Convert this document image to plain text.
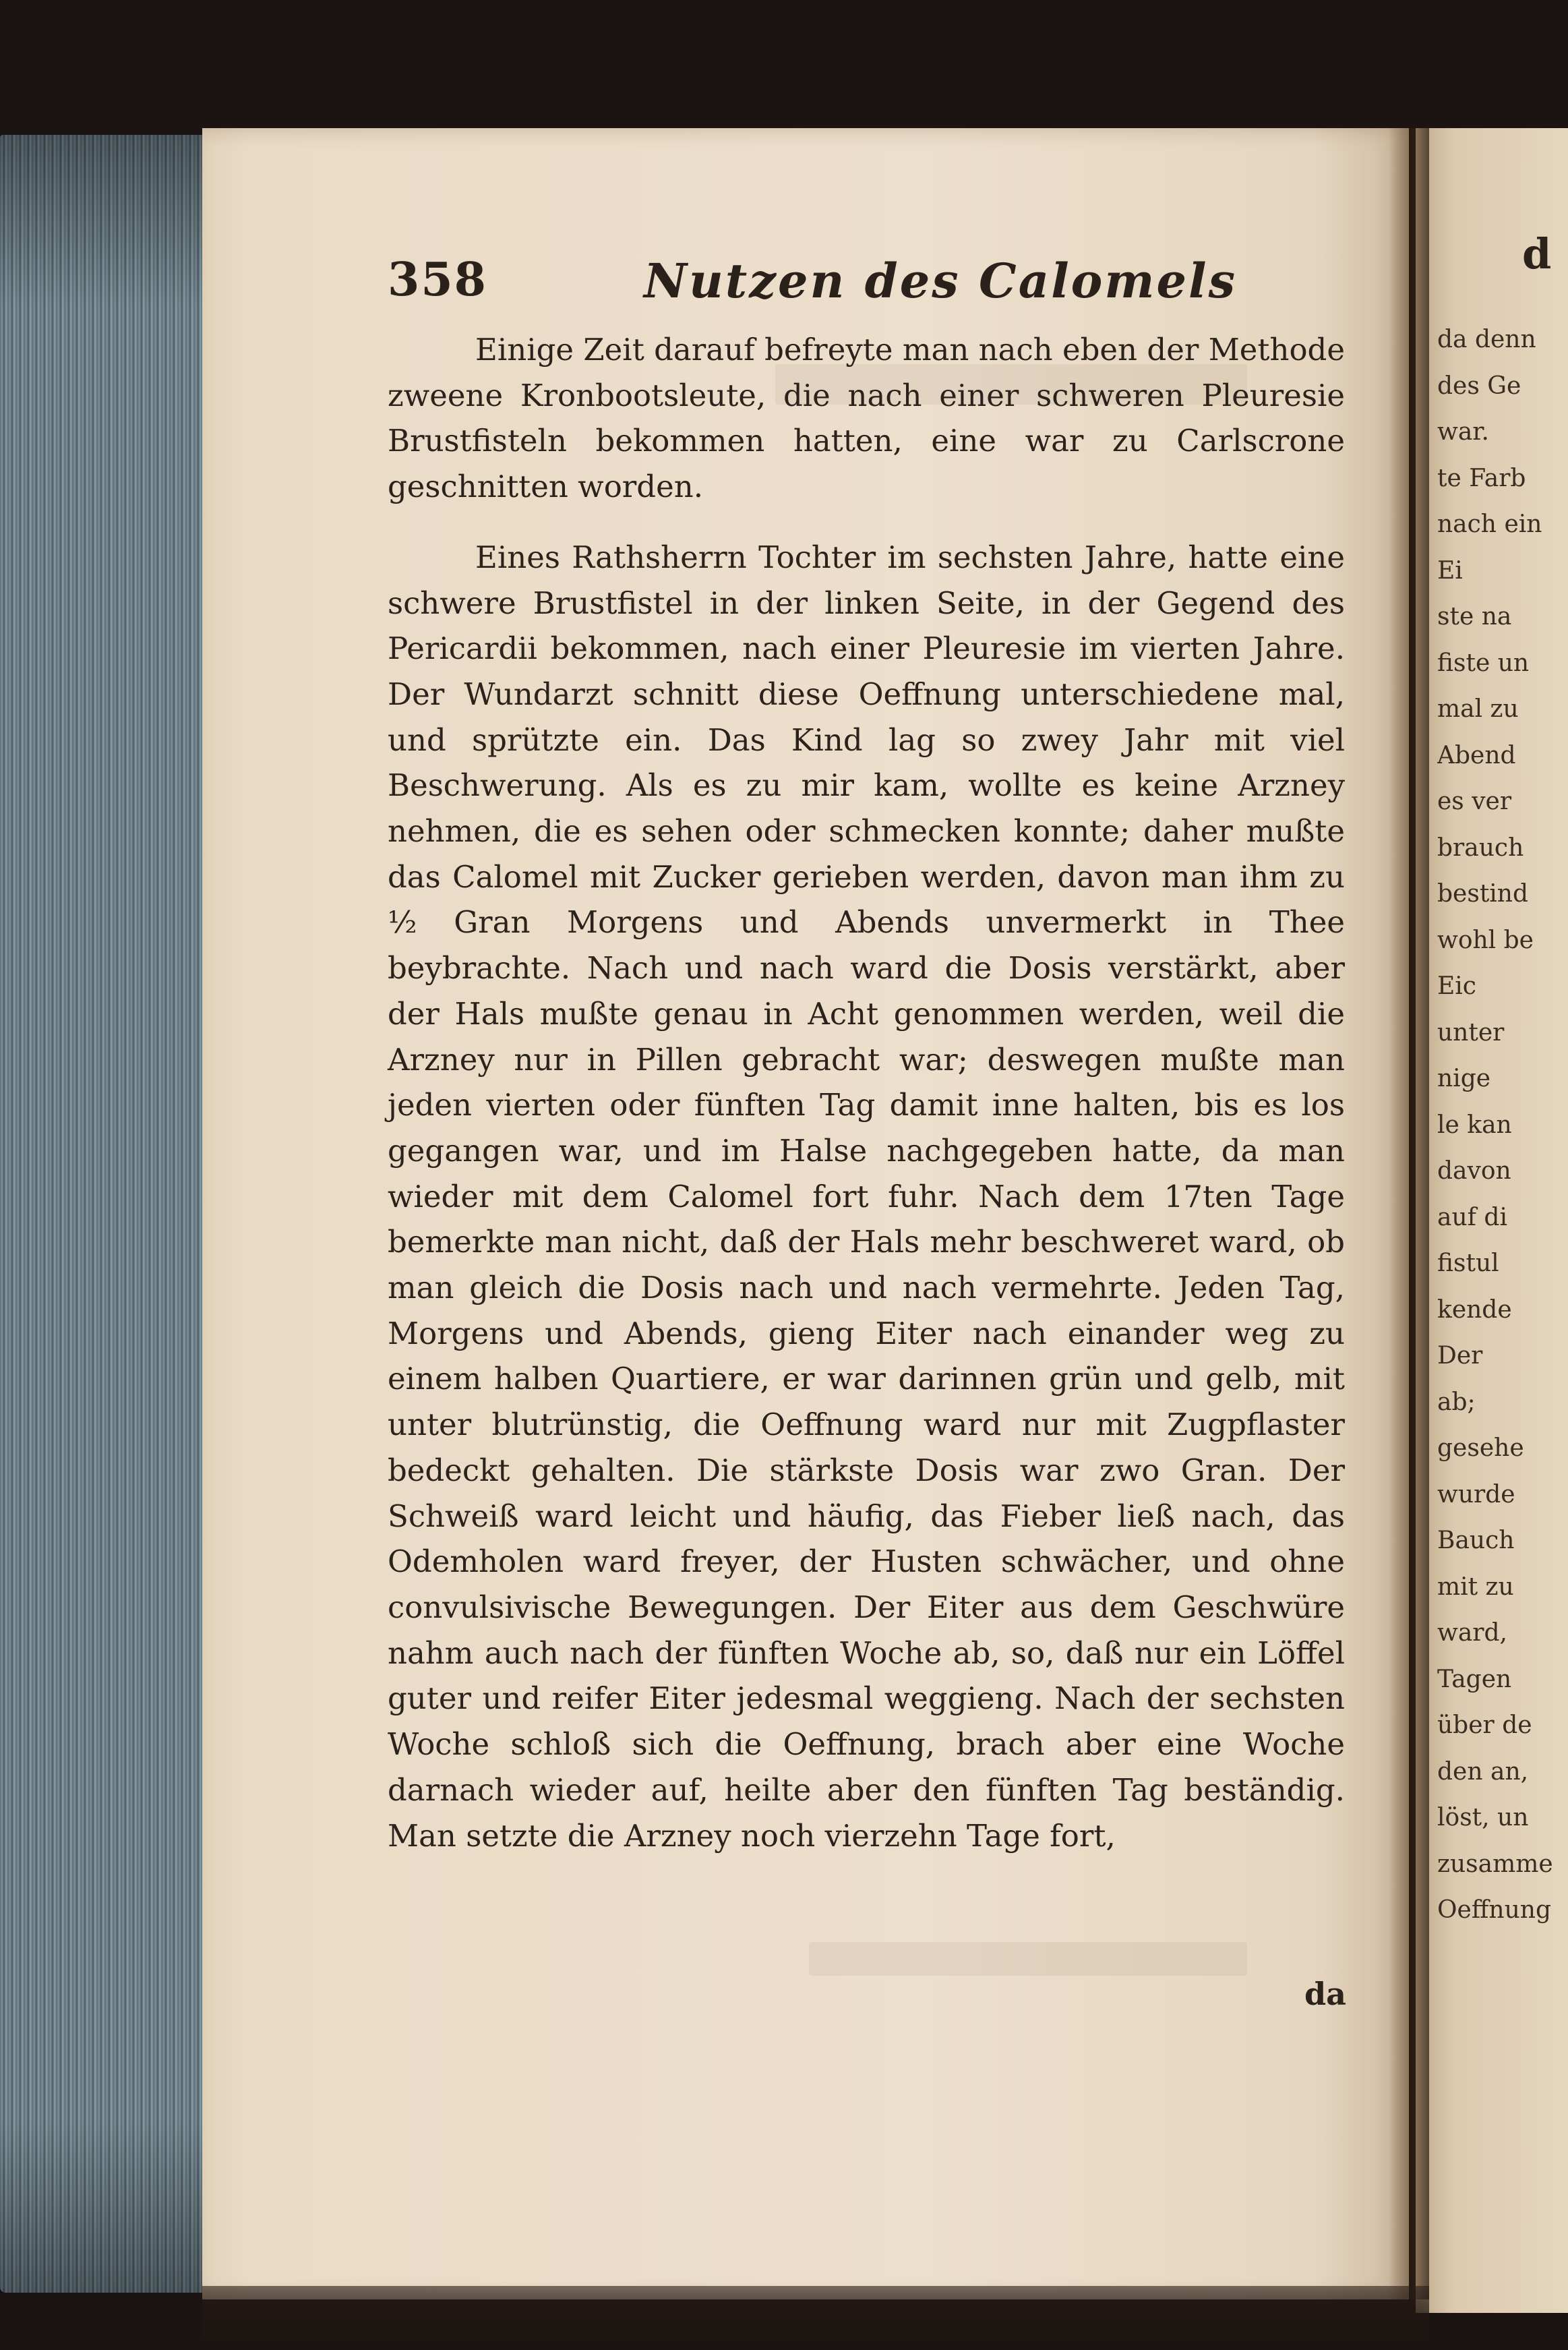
358	Nutzen des Calomels

Einige Zeit darauf befreyte man nach eben der Methode zweene Kronbootsleute, die nach einer schweren Pleuresie Brustfisteln bekommen hatten, eine war zu Carlscrone geschnitten worden.

Eines Rathsherrn Tochter im sechsten Jahre, hatte eine schwere Brustfistel in der linken Seite, in der Gegend des Pericardii bekommen, nach einer Pleuresie im vierten Jahre. Der Wundarzt schnitt diese Oeffnung unterschiedene mal, und sprützte ein. Das Kind lag so zwey Jahr mit viel Beschwerung. Als es zu mir kam, wollte es keine Arzney nehmen, die es sehen oder schmecken konnte; daher mußte das Calomel mit Zucker gerieben werden, davon man ihm zu ½ Gran Morgens und Abends unvermerkt in Thee beybrachte. Nach und nach ward die Dosis verstärkt, aber der Hals mußte genau in Acht genommen werden, weil die Arzney nur in Pillen gebracht war; deswegen mußte man jeden vierten oder fünften Tag damit inne halten, bis es los gegangen war, und im Halse nachgegeben hatte, da man wieder mit dem Calomel fort fuhr. Nach dem 17ten Tage bemerkte man nicht, daß der Hals mehr beschweret ward, ob man gleich die Dosis nach und nach vermehrte. Jeden Tag, Morgens und Abends, gieng Eiter nach einander weg zu einem halben Quartiere, er war darinnen grün und gelb, mit unter blutrünstig, die Oeffnung ward nur mit Zugpflaster bedeckt gehalten. Die stärkste Dosis war zwo Gran. Der Schweiß ward leicht und häufig, das Fieber ließ nach, das Odemholen ward freyer, der Husten schwächer, und ohne convulsivische Bewegungen. Der Eiter aus dem Geschwüre nahm auch nach der fünften Woche ab, so, daß nur ein Löffel guter und reifer Eiter jedesmal weggieng. Nach der sechsten Woche schloß sich die Oeffnung, brach aber eine Woche darnach wieder auf, heilte aber den fünften Tag beständig. Man setzte die Arzney noch vierzehn Tage fort,

da
d
da denn
des Ge
war.
te Farb
nach ein
Ei
ste na
fiste un
mal zu
Abend
es ver
brauch
bestind
wohl be
Eic
unter
nige
le kan
davon
auf di
fistul
kende
Der
ab;
gesehe
wurde
Bauch
mit zu
ward,
Tagen
über de
den an,
löst, un
zusamme
Oeffnung
